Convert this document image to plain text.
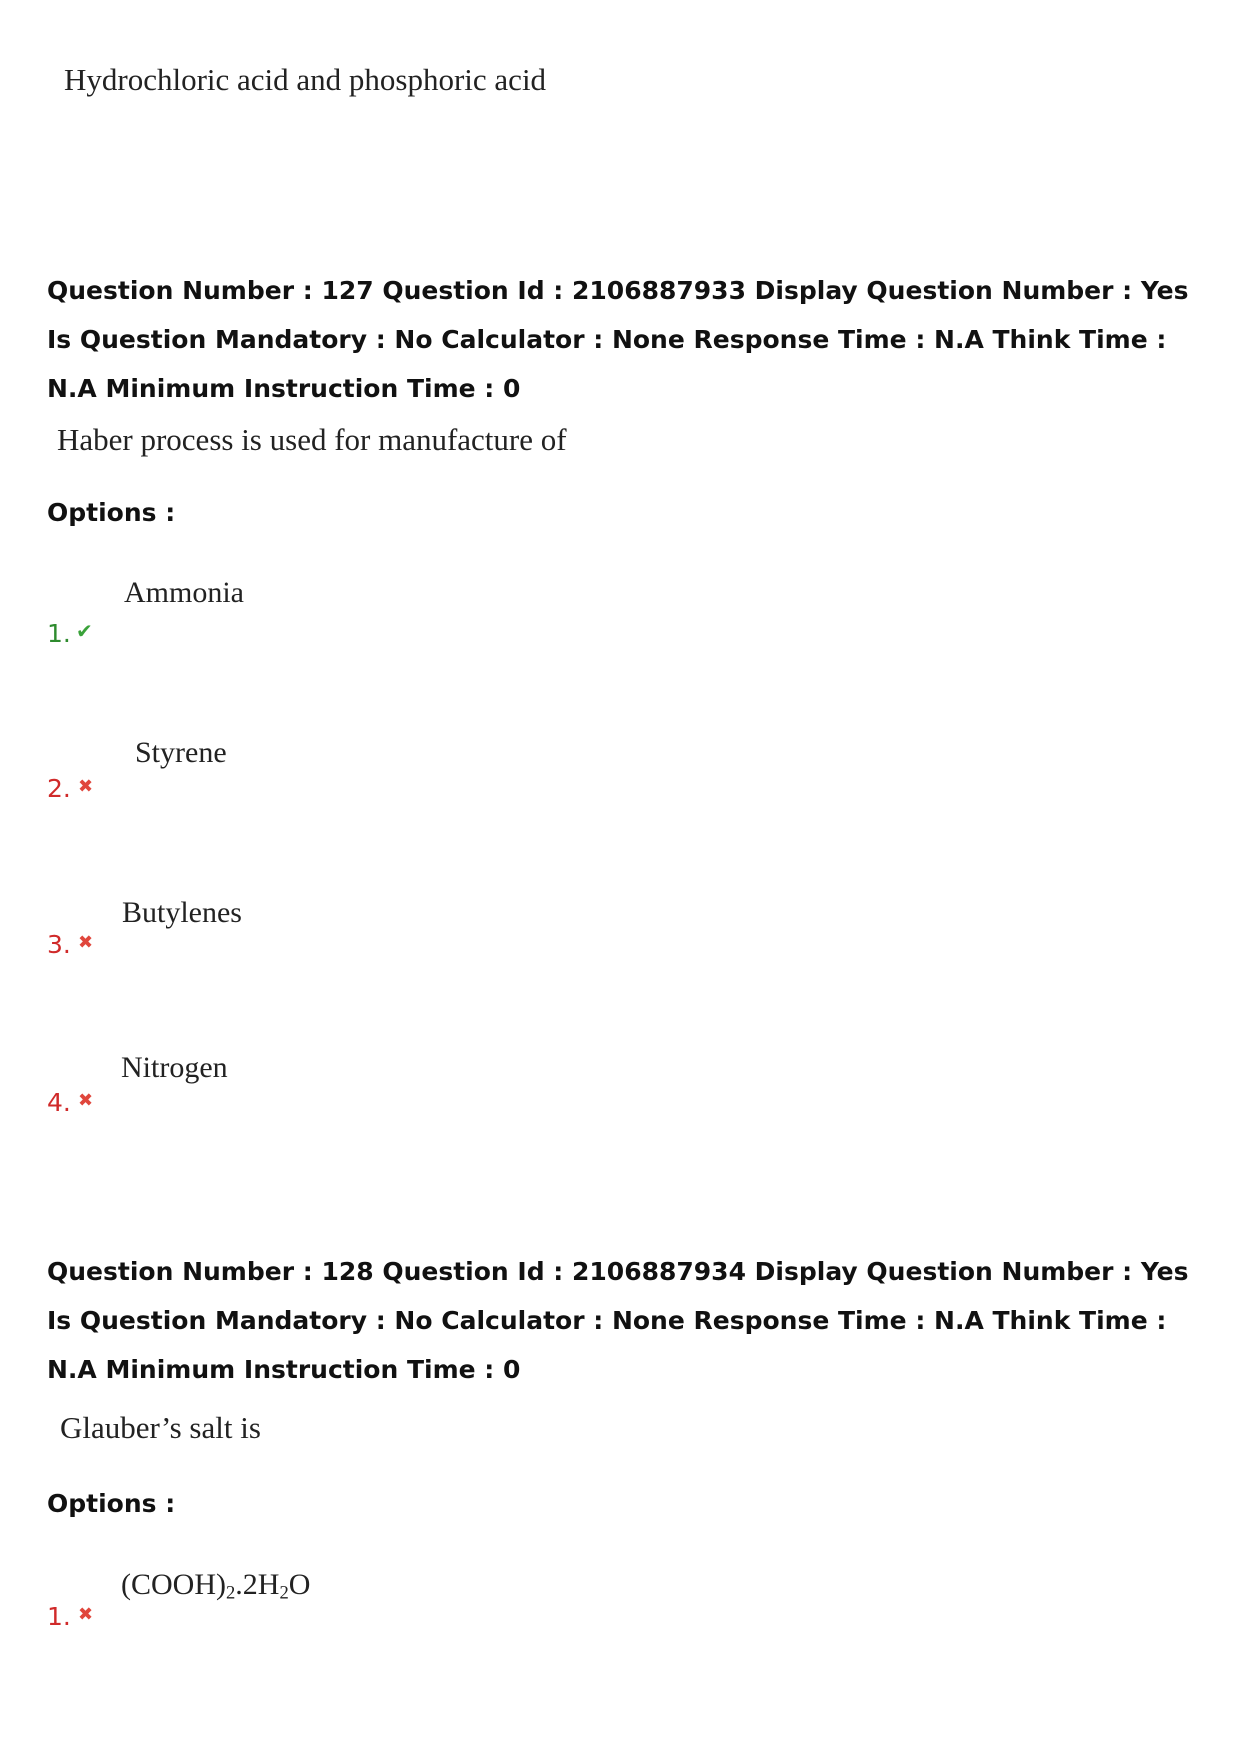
Hydrochloric acid and phosphoric acid
Question Number : 127 Question Id : 2106887933 Display Question Number : Yes Is Question Mandatory : No Calculator : None Response Time : N.A Think Time : N.A Minimum Instruction Time : 0
Haber process is used for manufacture of
Options :
Ammonia
1. ✔
Styrene
2. ✖
Butylenes
3. ✖
Nitrogen
4. ✖
Question Number : 128 Question Id : 2106887934 Display Question Number : Yes Is Question Mandatory : No Calculator : None Response Time : N.A Think Time : N.A Minimum Instruction Time : 0
Glauber’s salt is
Options :
$(COOH)_2.2H_2O$
1. ✖
